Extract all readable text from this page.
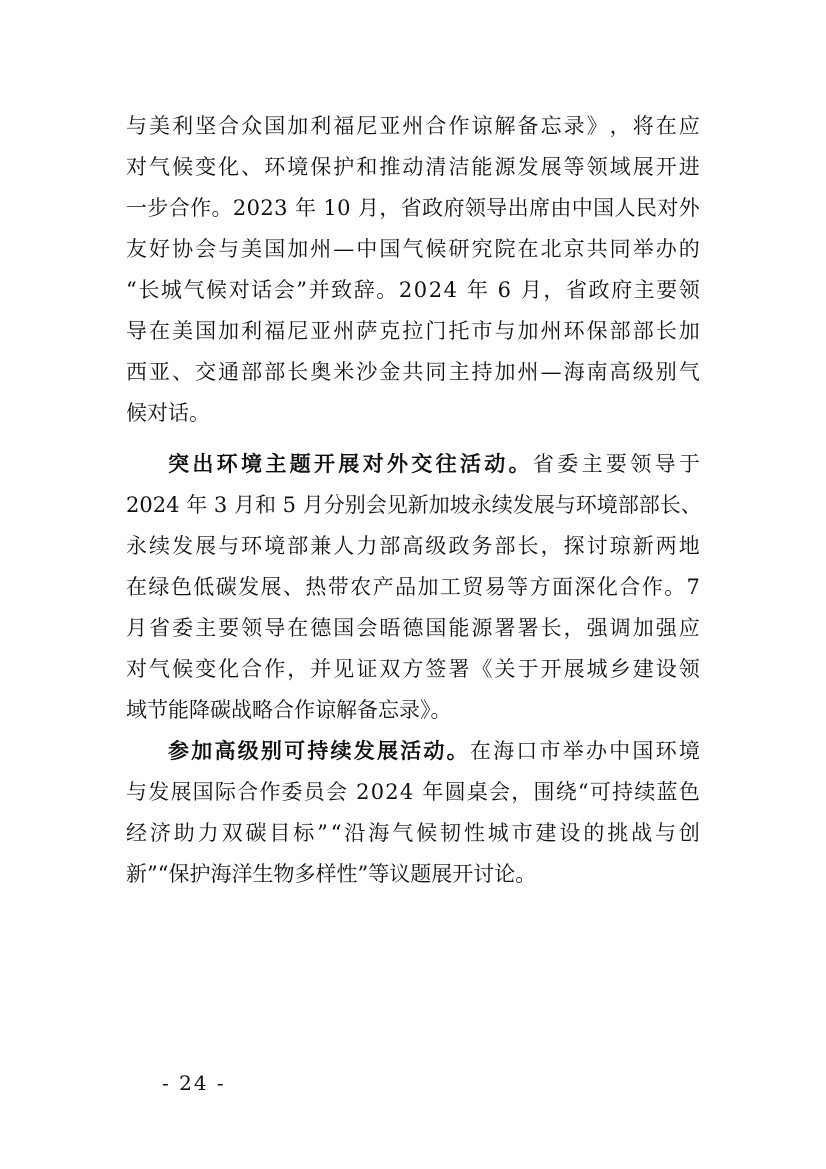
与 美 利 坚 合 众 国 加 利 福 尼 亚 州 合 作 谅 解 备 忘 录 》 ， 将 在 应
对 气 候 变 化 、 环 境 保 护 和 推 动 清 洁 能 源 发 展 等 领 域 展 开 进
一 步 合 作 。 2 0 2 3
年
1 0
月 ， 省 政 府 领 导 出 席 由 中 国 人 民 对 外
友 好 协 会 与 美 国 加 州 — 中 国 气 候 研 究 院 在 北 京 共 同 举 办 的
“ 长 城 气 候 对 话 会 ” 并 致 辞 。 2 0 2 4
年
6
月 ， 省 政 府 主 要 领
导 在 美 国 加 利 福 尼 亚 州 萨 克 拉 门 托 市 与 加 州 环 保 部 部 长 加
西 亚 、 交 通 部 部 长 奥 米 沙 金 共 同 主 持 加 州 — 海 南 高 级 别 气
候对话。
突 出 环 境 主 题 开 展 对 外 交 往 活 动 。 省 委 主 要 领 导 于
2 0 2 4
年
3
月 和
5
月 分 别 会 见 新 加 坡 永 续 发 展 与 环 境 部 部 长 、
永 续 发 展 与 环 境 部 兼 人 力 部 高 级 政 务 部 长 ， 探 讨 琼 新 两 地
在 绿 色 低 碳 发 展 、 热 带 农 产 品 加 工 贸 易 等 方 面 深 化 合 作 。 7
月 省 委 主 要 领 导 在 德 国 会 晤 德 国 能 源 署 署 长 ， 强 调 加 强 应
对 气 候 变 化 合 作 ， 并 见 证 双 方 签 署 《 关 于 开 展 城 乡 建 设 领
域节能降碳战略合作谅解备忘录》。
参 加 高 级 别 可 持 续 发 展 活 动 。 在 海 口 市 举 办 中 国 环 境
与 发 展 国 际 合 作 委 员 会
2 0 2 4
年 圆 桌 会 ， 围 绕 “ 可 持 续 蓝 色
经 济 助 力 双 碳 目 标 ” “ 沿 海 气 候 韧 性 城 市 建 设 的 挑 战 与 创
新”“保护海洋生物多样性”等议题展开讨论。
- 24 -
